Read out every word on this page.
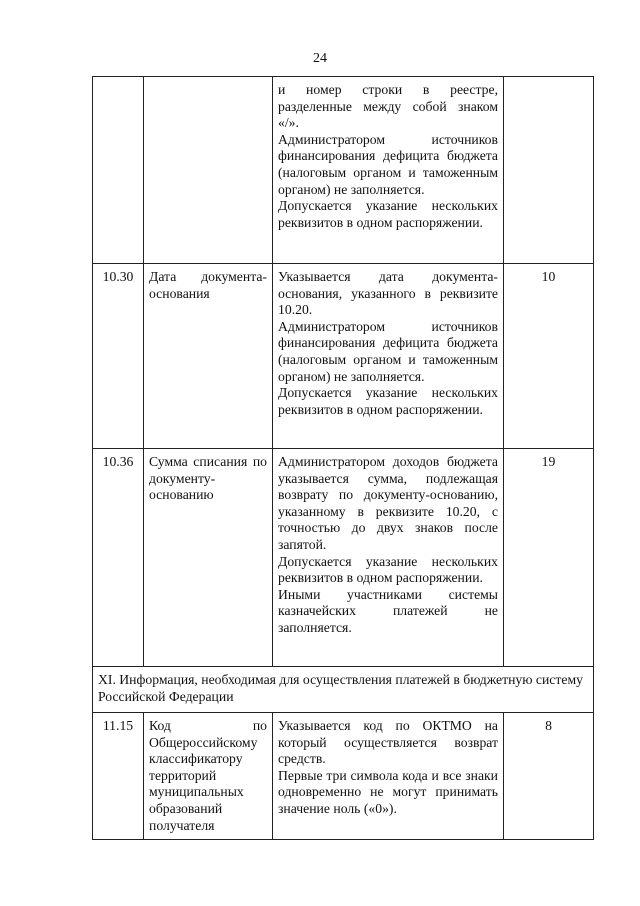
24

		и номер строки в реестре, разделенные между собой знаком «/».
Администратором источников финансирования дефицита бюджета (налоговым органом и таможенным органом) не заполняется.
Допускается указание нескольких реквизитов в одном распоряжении.	

10.30	Дата документа-основания	Указывается дата документа-основания, указанного в реквизите 10.20.
Администратором источников финансирования дефицита бюджета (налоговым органом и таможенным органом) не заполняется.
Допускается указание нескольких реквизитов в одном распоряжении.	10
10.36	Сумма списания по документу-основанию	Администратором доходов бюджета указывается сумма, подлежащая возврату по документу-основанию, указанному в реквизите 10.20, с точностью до двух знаков после запятой.
Допускается указание нескольких реквизитов в одном распоряжении.
Иными участниками системы казначейских платежей не заполняется.	19
XI. Информация, необходимая для осуществления платежей в бюджетную систему Российской Федерации			
11.15	Код по Общероссийскому классификатору территорий муниципальных образований получателя	Указывается код по ОКТМО на который осуществляется возврат средств.
Первые три символа кода и все знаки одновременно не могут принимать значение ноль («0»).	8
